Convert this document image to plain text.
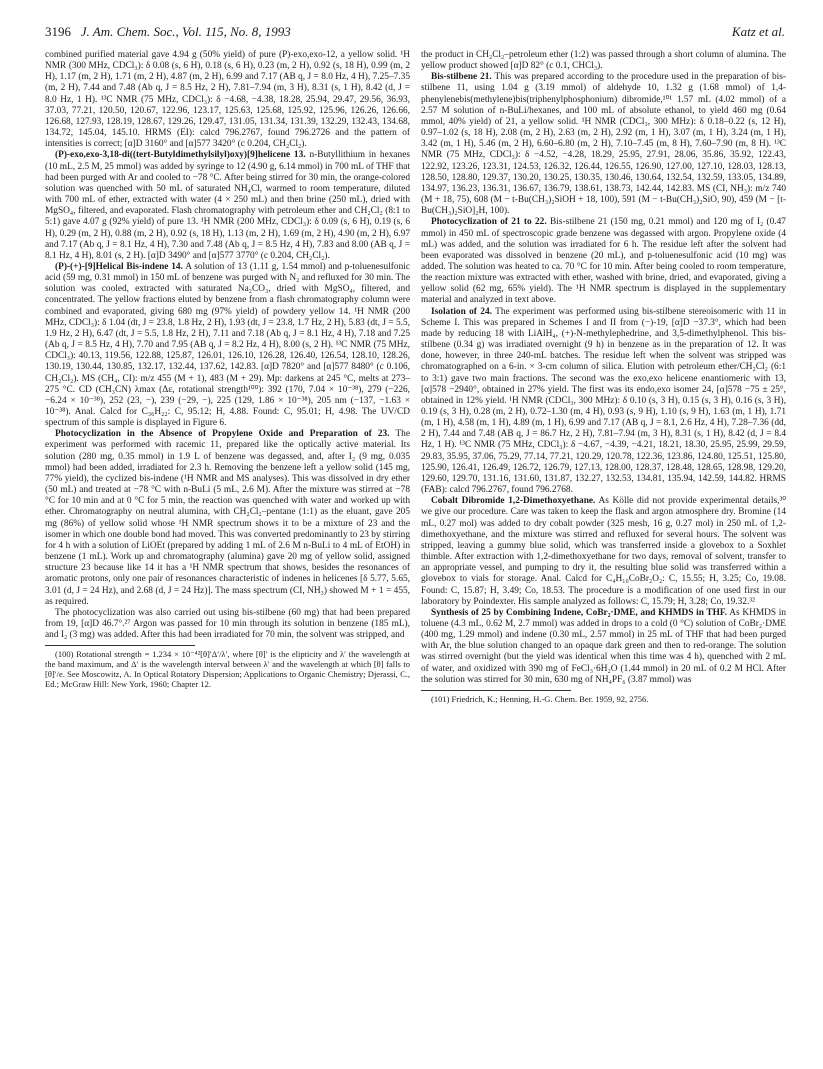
3196 J. Am. Chem. Soc., Vol. 115, No. 8, 1993	Katz et al.

combined purified material gave 4.94 g (50% yield) of pure (P)-exo,exo-12, a yellow solid. ¹H NMR (300 MHz, CDCl₃): δ 0.08 (s, 6 H), 0.18 (s, 6 H), 0.23 (m, 2 H), 0.92 (s, 18 H), 0.99 (m, 2 H), 1.17 (m, 2 H), 1.71 (m, 2 H), 4.87 (m, 2 H), 6.99 and 7.17 (AB q, J = 8.0 Hz, 4 H), 7.25–7.35 (m, 2 H), 7.44 and 7.48 (Ab q, J = 8.5 Hz, 2 H), 7.81–7.94 (m, 3 H), 8.31 (s, 1 H), 8.42 (d, J = 8.0 Hz, 1 H). ¹³C NMR (75 MHz, CDCl₃): δ −4.68, −4.38, 18.28, 25.94, 29.47, 29.56, 36.93, 37.03, 77.21, 120.50, 120.67, 122.96, 123.17, 125.63, 125.68, 125.92, 125.96, 126.26, 126.66, 126.68, 127.93, 128.19, 128.67, 129.26, 129.47, 131.05, 131.34, 131.39, 132.29, 132.43, 134.68, 134.72, 145.04, 145.10. HRMS (EI): calcd 796.2767, found 796.2726 and the pattern of intensities is correct; [α]D 3160° and [α]577 3420° (c 0.204, CH₂Cl₂).

(P)-exo,exo-3,18-di((tert-Butyldimethylsilyl)oxy)[9]helicene 13. n-Butyllithium in hexanes (10 mL, 2.5 M, 25 mmol) was added by syringe to 12 (4.90 g, 6.14 mmol) in 700 mL of THF that had been purged with Ar and cooled to −78 °C. After being stirred for 30 min, the orange-colored solution was quenched with 50 mL of saturated NH₄Cl, warmed to room temperature, diluted with 700 mL of ether, extracted with water (4 × 250 mL) and then brine (250 mL), dried with MgSO₄, filtered, and evaporated. Flash chromatography with petroleum ether and CH₂Cl₂ (8:1 to 5:1) gave 4.07 g (92% yield) of pure 13. ¹H NMR (200 MHz, CDCl₃): δ 0.09 (s, 6 H), 0.19 (s, 6 H), 0.29 (m, 2 H), 0.88 (m, 2 H), 0.92 (s, 18 H), 1.13 (m, 2 H), 1.69 (m, 2 H), 4.90 (m, 2 H), 6.97 and 7.17 (Ab q, J = 8.1 Hz, 4 H), 7.30 and 7.48 (Ab q, J = 8.5 Hz, 4 H), 7.83 and 8.00 (AB q, J = 8.1 Hz, 4 H), 8.01 (s, 2 H). [α]D 3490° and [α]577 3770° (c 0.204, CH₂Cl₂).

(P)-(+)-[9]Helical Bis-indene 14. A solution of 13 (1.11 g, 1.54 mmol) and p-toluenesulfonic acid (59 mg, 0.31 mmol) in 150 mL of benzene was purged with N₂ and refluxed for 30 min. The solution was cooled, extracted with saturated Na₂CO₃, dried with MgSO₄, filtered, and concentrated. The yellow fractions eluted by benzene from a flash chromatography column were combined and evaporated, giving 680 mg (97% yield) of powdery yellow 14. ¹H NMR (200 MHz, CDCl₃): δ 1.04 (dt, J = 23.8, 1.8 Hz, 2 H), 1.93 (dt, J = 23.8, 1.7 Hz, 2 H), 5.83 (dt, J = 5.5, 1.9 Hz, 2 H), 6.47 (dt, J = 5.5, 1.8 Hz, 2 H), 7.11 and 7.18 (Ab q, J = 8.1 Hz, 4 H), 7.18 and 7.25 (Ab q, J = 8.5 Hz, 4 H), 7.70 and 7.95 (AB q, J = 8.2 Hz, 4 H), 8.00 (s, 2 H). ¹³C NMR (75 MHz, CDCl₃): 40.13, 119.56, 122.88, 125.87, 126.01, 126.10, 126.28, 126.40, 126.54, 128.10, 128.26, 130.19, 130.44, 130.85, 132.17, 132.44, 137.62, 142.83. [α]D 7820° and [α]577 8480° (c 0.106, CH₂Cl₂). MS (CH₄, CI): m/z 455 (M + 1), 483 (M + 29). Mp: darkens at 245 °C, melts at 273–275 °C. CD (CH₃CN) λmax (Δε, rotational strength¹⁰⁰): 392 (170, 7.04 × 10⁻³⁸), 279 (−226, −6.24 × 10⁻³⁸), 252 (23, −), 239 (−29, −), 225 (129, 1.86 × 10⁻³⁸), 205 nm (−137, −1.63 × 10⁻³⁸). Anal. Calcd for C₃₆H₂₂: C, 95.12; H, 4.88. Found: C, 95.01; H, 4.98. The UV/CD spectrum of this sample is displayed in Figure 6.

Photocyclization in the Absence of Propylene Oxide and Preparation of 23. The experiment was performed with racemic 11, prepared like the optically active material. Its solution (280 mg, 0.35 mmol) in 1.9 L of benzene was degassed, and, after I₂ (9 mg, 0.035 mmol) had been added, irradiated for 2.3 h. Removing the benzene left a yellow solid (145 mg, 77% yield), the cyclized bis-indene (¹H NMR and MS analyses). This was dissolved in dry ether (50 mL) and treated at −78 °C with n-BuLi (5 mL, 2.6 M). After the mixture was stirred at −78 °C for 10 min and at 0 °C for 5 min, the reaction was quenched with water and worked up with ether. Chromatography on neutral alumina, with CH₂Cl₂–pentane (1:1) as the eluant, gave 205 mg (86%) of yellow solid whose ¹H NMR spectrum shows it to be a mixture of 23 and the isomer in which one double bond had moved. This was converted predominantly to 23 by stirring for 4 h with a solution of LiOEt (prepared by adding 1 mL of 2.6 M n-BuLi to 4 mL of EtOH) in benzene (1 mL). Work up and chromatography (alumina) gave 20 mg of yellow solid, assigned structure 23 because like 14 it has a ¹H NMR spectrum that shows, besides the resonances of aromatic protons, only one pair of resonances characteristic of indenes in helicenes [δ 5.77, 5.65, 3.01 (d, J = 24 Hz), and 2.68 (d, J = 24 Hz)]. The mass spectrum (CI, NH₃) showed M + 1 = 455, as required.

The photocyclization was also carried out using bis-stilbene (60 mg) that had been prepared from 19, [α]D 46.7°.²⁷ Argon was passed for 10 min through its solution in benzene (185 mL), and I₂ (3 mg) was added. After this had been irradiated for 70 min, the solvent was stripped, and

(100) Rotational strength = 1.234 × 10⁻⁴²[θ]′Δ′/λ′, where [θ]′ is the elipticity and λ′ the wavelength at the band maximum, and Δ′ is the wavelength interval between λ′ and the wavelength at which [θ] falls to [θ]′/e. See Moscowitz, A. In Optical Rotatory Dispersion; Applications to Organic Chemistry; Djerassi, C., Ed.; McGraw Hill: New York, 1960; Chapter 12.

the product in CH₂Cl₂–petroleum ether (1:2) was passed through a short column of alumina. The yellow product showed [α]D 82° (c 0.1, CHCl₃).

Bis-stilbene 21. This was prepared according to the procedure used in the preparation of bis-stilbene 11, using 1.04 g (3.19 mmol) of aldehyde 10, 1.32 g (1.68 mmol) of 1,4-phenylenebis(methylene)bis(triphenylphosphonium) dibromide,¹⁰¹ 1.57 mL (4.02 mmol) of a 2.57 M solution of n-BuLi/hexanes, and 100 mL of absolute ethanol, to yield 460 mg (0.64 mmol, 40% yield) of 21, a yellow solid. ¹H NMR (CDCl₃, 300 MHz): δ 0.18–0.22 (s, 12 H), 0.97–1.02 (s, 18 H), 2.08 (m, 2 H), 2.63 (m, 2 H), 2.92 (m, 1 H), 3.07 (m, 1 H), 3.24 (m, 1 H), 3.42 (m, 1 H), 5.46 (m, 2 H), 6.60–6.80 (m, 2 H), 7.10–7.45 (m, 8 H), 7.60–7.90 (m, 8 H). ¹³C NMR (75 MHz, CDCl₃): δ −4.52, −4.28, 18.29, 25.95, 27.91, 28.06, 35.86, 35.92, 122.43, 122.92, 123.26, 123.31, 124.53, 126.32, 126.44, 126.55, 126.90, 127.00, 127.10, 128.03, 128.13, 128.50, 128.80, 129.37, 130.20, 130.25, 130.35, 130.46, 130.64, 132.54, 132.59, 133.05, 134.89, 134.97, 136.23, 136.31, 136.67, 136.79, 138.61, 138.73, 142.44, 142.83. MS (CI, NH₃): m/z 740 (M + 18, 75), 608 (M − t-Bu(CH₃)₂SiOH + 18, 100), 591 (M − t-Bu(CH₃)₂SiO, 90), 459 (M − [t-Bu(CH₃)₂SiO]₂H, 100).

Photocyclization of 21 to 22. Bis-stilbene 21 (150 mg, 0.21 mmol) and 120 mg of I₂ (0.47 mmol) in 450 mL of spectroscopic grade benzene was degassed with argon. Propylene oxide (4 mL) was added, and the solution was irradiated for 6 h. The residue left after the solvent had been evaporated was dissolved in benzene (20 mL), and p-toluenesulfonic acid (10 mg) was added. The solution was heated to ca. 70 °C for 10 min. After being cooled to room temperature, the reaction mixture was extracted with ether, washed with brine, dried, and evaporated, giving a yellow solid (62 mg, 65% yield). The ¹H NMR spectrum is displayed in the supplementary material and analyzed in text above.

Isolation of 24. The experiment was performed using bis-stilbene stereoisomeric with 11 in Scheme I. This was prepared in Schemes I and II from (−)-19, [α]D −37.3°, which had been made by reducing 18 with LiAlH₄, (+)-N-methylephedrine, and 3,5-dimethylphenol. This bis-stilbene (0.34 g) was irradiated overnight (9 h) in benzene as in the preparation of 12. It was done, however, in three 240-mL batches. The residue left when the solvent was stripped was chromatographed on a 6-in. × 3-cm column of silica. Elution with petroleum ether/CH₂Cl₂ (6:1 to 3:1) gave two main fractions. The second was the exo,exo helicene enantiomeric with 13, [α]578 −2940°, obtained in 27% yield. The first was its endo,exo isomer 24, [α]578 −75 ± 25°, obtained in 12% yield. ¹H NMR (CDCl₃, 300 MHz): δ 0.10 (s, 3 H), 0.15 (s, 3 H), 0.16 (s, 3 H), 0.19 (s, 3 H), 0.28 (m, 2 H), 0.72–1.30 (m, 4 H), 0.93 (s, 9 H), 1.10 (s, 9 H), 1.63 (m, 1 H), 1.71 (m, 1 H), 4.58 (m, 1 H), 4.89 (m, 1 H), 6.99 and 7.17 (AB q, J = 8.1, 2.6 Hz, 4 H), 7.28–7.36 (dd, 2 H), 7.44 and 7.48 (AB q, J = 86.7 Hz, 2 H), 7.81–7.94 (m, 3 H), 8.31 (s, 1 H), 8.42 (d, J = 8.4 Hz, 1 H). ¹³C NMR (75 MHz, CDCl₃): δ −4.67, −4.39, −4.21, 18.21, 18.30, 25.95, 25.99, 29.59, 29.83, 35.95, 37.06, 75.29, 77.14, 77.21, 120.29, 120.78, 122.36, 123.86, 124.80, 125.51, 125.80, 125.90, 126.41, 126.49, 126.72, 126.79, 127.13, 128.00, 128.37, 128.48, 128.65, 128.98, 129.20, 129.60, 129.70, 131.16, 131.60, 131.87, 132.27, 132.53, 134.81, 135.94, 142.59, 144.82. HRMS (FAB): calcd 796.2767, found 796.2768.

Cobalt Dibromide 1,2-Dimethoxyethane. As Kölle did not provide experimental details,³⁰ we give our procedure. Care was taken to keep the flask and argon atmosphere dry. Bromine (14 mL, 0.27 mol) was added to dry cobalt powder (325 mesh, 16 g, 0.27 mol) in 250 mL of 1,2-dimethoxyethane, and the mixture was stirred and refluxed for several hours. The solvent was stripped, leaving a gummy blue solid, which was transferred inside a glovebox to a Soxhlet thimble. After extraction with 1,2-dimethoxyethane for two days, removal of solvent, transfer to an appropriate vessel, and pumping to dry it, the resulting blue solid was transferred within a glovebox to vials for storage. Anal. Calcd for C₄H₁₀CoBr₂O₂: C, 15.55; H, 3.25; Co, 19.08. Found: C, 15.87; H, 3.49; Co, 18.53. The procedure is a modification of one used first in our laboratory by Poindexter. His sample analyzed as follows: C, 15.79; H, 3.28; Co, 19.32.³²

Synthesis of 25 by Combining Indene, CoBr₂·DME, and KHMDS in THF. As KHMDS in toluene (4.3 mL, 0.62 M, 2.7 mmol) was added in drops to a cold (0 °C) solution of CoBr₂·DME (400 mg, 1.29 mmol) and indene (0.30 mL, 2.57 mmol) in 25 mL of THF that had been purged with Ar, the blue solution changed to an opaque dark green and then to red-orange. The solution was stirred overnight (but the yield was identical when this time was 4 h), quenched with 2 mL of water, and oxidized with 390 mg of FeCl₃·6H₂O (1.44 mmol) in 20 mL of 0.2 M HCl. After the solution was stirred for 30 min, 630 mg of NH₄PF₆ (3.87 mmol) was

(101) Friedrich, K.; Henning, H.-G. Chem. Ber. 1959, 92, 2756.
